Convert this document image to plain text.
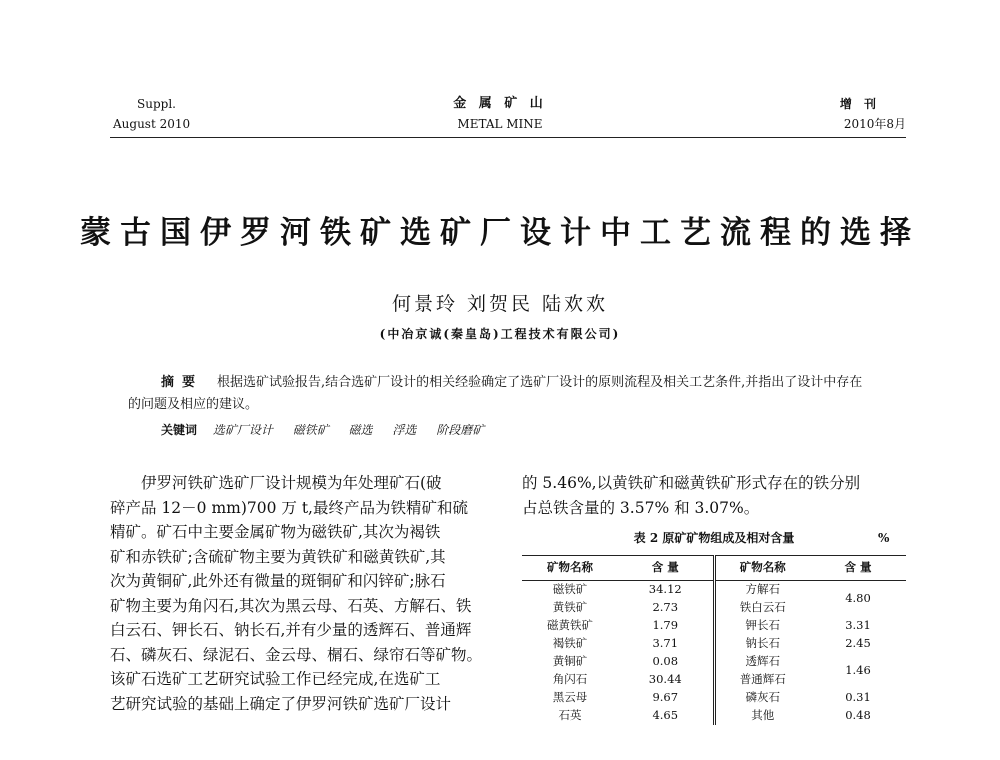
Suppl.
August 2010
金 属 矿 山
METAL MINE
增 刊
2010年8月
蒙古国伊罗河铁矿选矿厂设计中工艺流程的选择
何景玲 刘贺民 陆欢欢
(中冶京诚(秦皇岛)工程技术有限公司)
摘要 根据选矿试验报告,结合选矿厂设计的相关经验确定了选矿厂设计的原则流程及相关工艺条件,并指出了设计中存在的问题及相应的建议。
关键词 选矿厂设计 磁铁矿 磁选 浮选 阶段磨矿
伊罗河铁矿选矿厂设计规模为年处理矿石(破
碎产品 12－0 mm)700 万 t,最终产品为铁精矿和硫
精矿。矿石中主要金属矿物为磁铁矿,其次为褐铁
矿和赤铁矿;含硫矿物主要为黄铁矿和磁黄铁矿,其
次为黄铜矿,此外还有微量的斑铜矿和闪锌矿;脉石
矿物主要为角闪石,其次为黑云母、石英、方解石、铁
白云石、钾长石、钠长石,并有少量的透辉石、普通辉
石、磷灰石、绿泥石、金云母、榍石、绿帘石等矿物。
该矿石选矿工艺研究试验工作已经完成,在选矿工
艺研究试验的基础上确定了伊罗河铁矿选矿厂设计
的 5.46%,以黄铁矿和磁黄铁矿形式存在的铁分别
占总铁含量的 3.57% 和 3.07%。
表 2 原矿矿物组成及相对含量	%
矿物名称	含 量	矿物名称	含 量
磁铁矿	34.12	方解石	4.80
黄铁矿	2.73	铁白云石	
磁黄铁矿	1.79	钾长石	3.31
褐铁矿	3.71	钠长石	2.45
黄铜矿	0.08	透辉石	1.46
角闪石	30.44	普通辉石	
黑云母	9.67	磷灰石	0.31
石英	4.65	其他	0.48
